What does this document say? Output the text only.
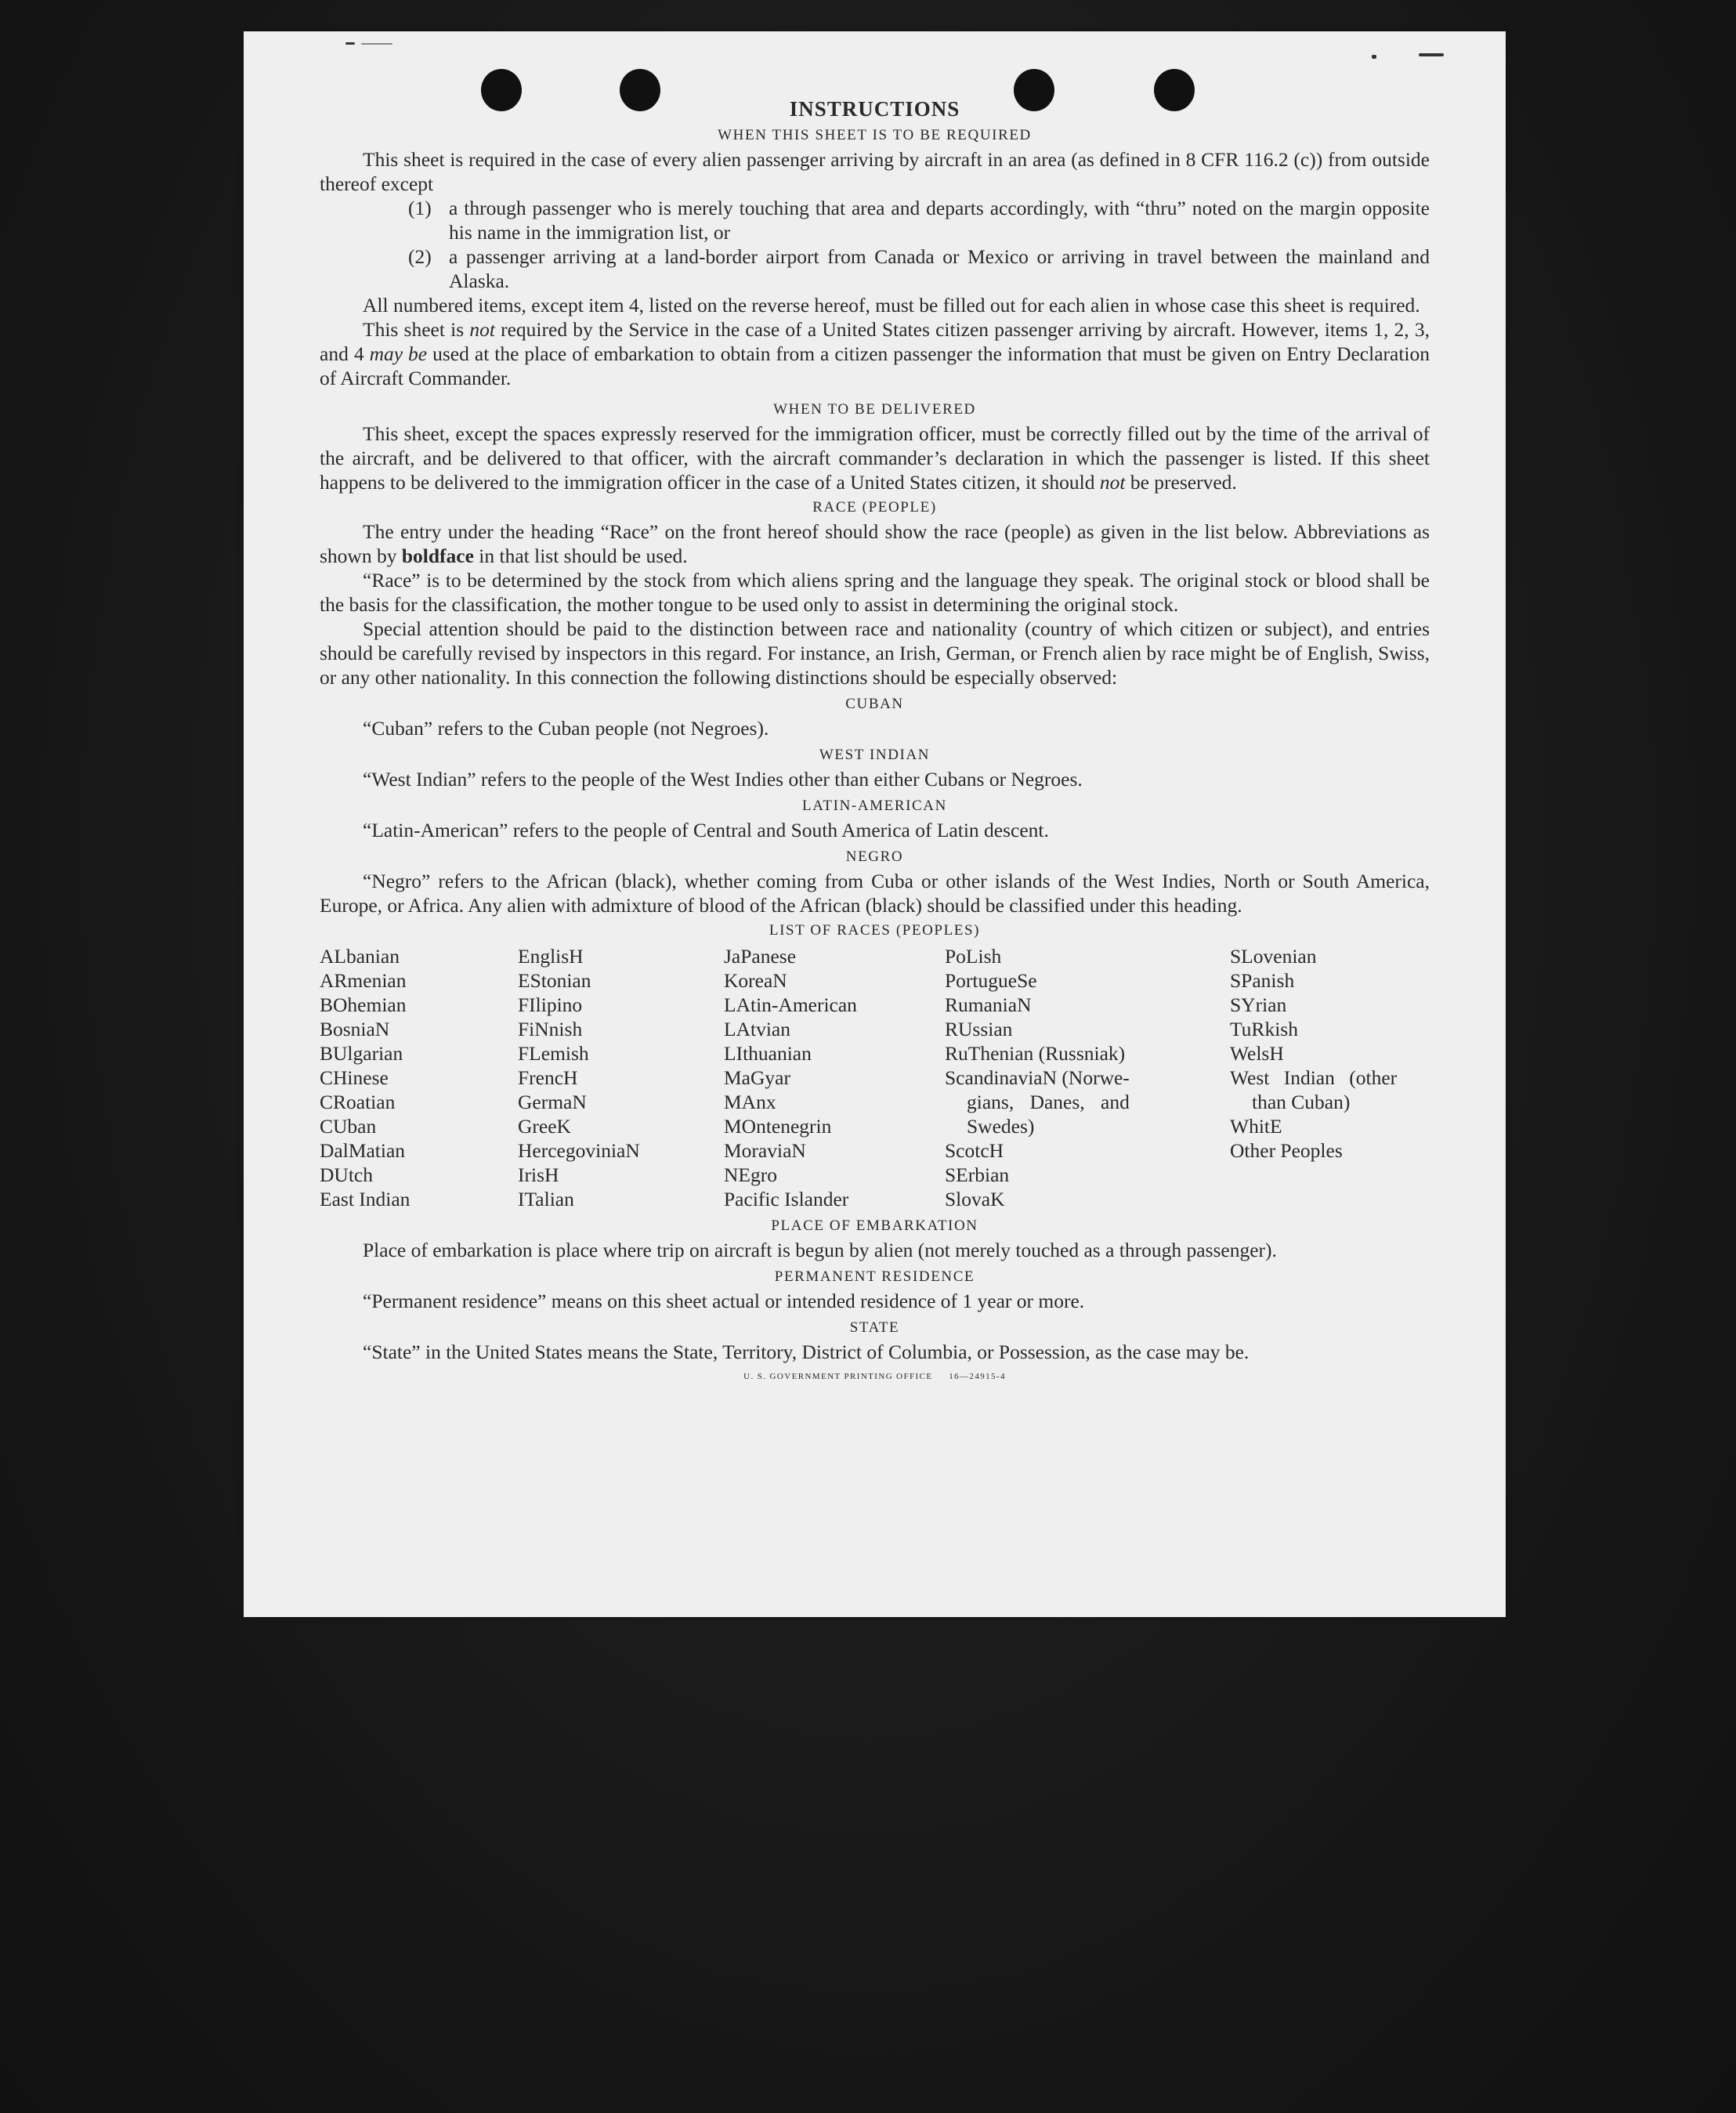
INSTRUCTIONS
WHEN THIS SHEET IS TO BE REQUIRED

This sheet is required in the case of every alien passenger arriving by aircraft in an area (as defined in 8 CFR 116.2 (c)) from outside thereof except

(1) a through passenger who is merely touching that area and departs accordingly, with “thru” noted on the margin opposite his name in the immigration list, or
(2) a passenger arriving at a land-border airport from Canada or Mexico or arriving in travel between the mainland and Alaska.

All numbered items, except item 4, listed on the reverse hereof, must be filled out for each alien in whose case this sheet is required.

This sheet is not required by the Service in the case of a United States citizen passenger arriving by aircraft. However, items 1, 2, 3, and 4 may be used at the place of embarkation to obtain from a citizen passenger the information that must be given on Entry Declaration of Aircraft Commander.

WHEN TO BE DELIVERED

This sheet, except the spaces expressly reserved for the immigration officer, must be correctly filled out by the time of the arrival of the aircraft, and be delivered to that officer, with the aircraft commander’s declaration in which the passenger is listed. If this sheet happens to be delivered to the immigration officer in the case of a United States citizen, it should not be preserved.

RACE (PEOPLE)

The entry under the heading “Race” on the front hereof should show the race (people) as given in the list below. Abbreviations as shown by boldface in that list should be used.

“Race” is to be determined by the stock from which aliens spring and the language they speak. The original stock or blood shall be the basis for the classification, the mother tongue to be used only to assist in determining the original stock.

Special attention should be paid to the distinction between race and nationality (country of which citizen or subject), and entries should be carefully revised by inspectors in this regard. For instance, an Irish, German, or French alien by race might be of English, Swiss, or any other nationality. In this connection the following distinctions should be especially observed:

CUBAN

“Cuban” refers to the Cuban people (not Negroes).

WEST INDIAN

“West Indian” refers to the people of the West Indies other than either Cubans or Negroes.

LATIN-AMERICAN

“Latin-American” refers to the people of Central and South America of Latin descent.

NEGRO

“Negro” refers to the African (black), whether coming from Cuba or other islands of the West Indies, North or South America, Europe, or Africa. Any alien with admixture of blood of the African (black) should be classified under this heading.

LIST OF RACES (PEOPLES)
ALbanian
ARmenian
BOhemian
BosniaN
BUlgarian
CHinese
CRoatian
CUban
DalMatian
DUtch
East Indian
EnglisH
EStonian
FIlipino
FiNnish
FLemish
FrencH
GermaN
GreeK
HercegoviniaN
IrisH
ITalian
JaPanese
KoreaN
LAtin-American
LAtvian
LIthuanian
MaGyar
MAnx
MOntenegrin
MoraviaN
NEgro
Pacific Islander
PoLish
PortugueSe
RumaniaN
RUssian
RuThenian (Russniak)
ScandinaviaN (Norwe-
gians, Danes, and
Swedes)
ScotcH
SErbian
SlovaK
SLovenian
SPanish
SYrian
TuRkish
WelsH
West Indian (other
than Cuban)
WhitE
Other Peoples
PLACE OF EMBARKATION

Place of embarkation is place where trip on aircraft is begun by alien (not merely touched as a through passenger).

PERMANENT RESIDENCE

“Permanent residence” means on this sheet actual or intended residence of 1 year or more.

STATE

“State” in the United States means the State, Territory, District of Columbia, or Possession, as the case may be.

U. S. GOVERNMENT PRINTING OFFICE     16—24915-4
